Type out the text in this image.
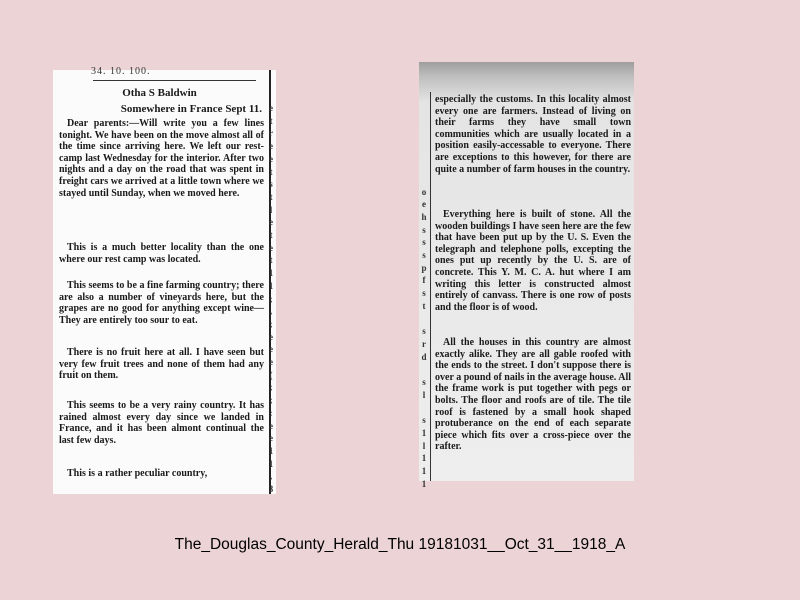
34. 10. 100.
e
t
r
e
e
t
s
t
l
e
t
e
t
1
1
;
,
;
e
e
e
(
;
;
:
e
e
1
1
,
3
Otha S Baldwin
Somewhere in France Sept 11.
Dear parents:—Will write you a few lines tonight. We have been on the move almost all of the time since arriving here. We left our rest-camp last Wednesday for the interior. After two nights and a day on the road that was spent in freight cars we arrived at a little town where we stayed until Sunday, when we moved here.
This is a much better locality than the one where our rest camp was located.
This seems to be a fine farming country; there are also a number of vineyards here, but the grapes are no good for anything except wine—They are entirely too sour to eat.
There is no fruit here at all. I have seen but very few fruit trees and none of them had any fruit on them.
This seems to be a very rainy country. It has rained almost every day since we landed in France, and it has been almont continual the last few days.
This is a rather peculiar country,

o
e
h
s
s
s
p
f
s
t

s
r
d

s
l

s
1
l
1
1
1
especially the customs. In this locality almost every one are farmers. Instead of living on their farms they have small town communities which are usually located in a position easily-accessable to everyone. There are exceptions to this however, for there are quite a number of farm houses in the country.
Everything here is built of stone. All the wooden buildings I have seen here are the few that have been put up by the U. S. Even the telegraph and telephone polls, excepting the ones put up recently by the U. S. are of concrete. This Y. M. C. A. hut where I am writing this letter is constructed almost entirely of canvass. There is one row of posts and the floor is of wood.
All the houses in this country are almost exactly alike. They are all gable roofed with the ends to the street. I don't suppose there is over a pound of nails in the average house. All the frame work is put together with pegs or bolts. The floor and roofs are of tile. The tile roof is fastened by a small hook shaped protuberance on the end of each separate piece which fits over a cross-piece over the rafter.
The_Douglas_County_Herald_Thu 19181031__Oct_31__1918_A
